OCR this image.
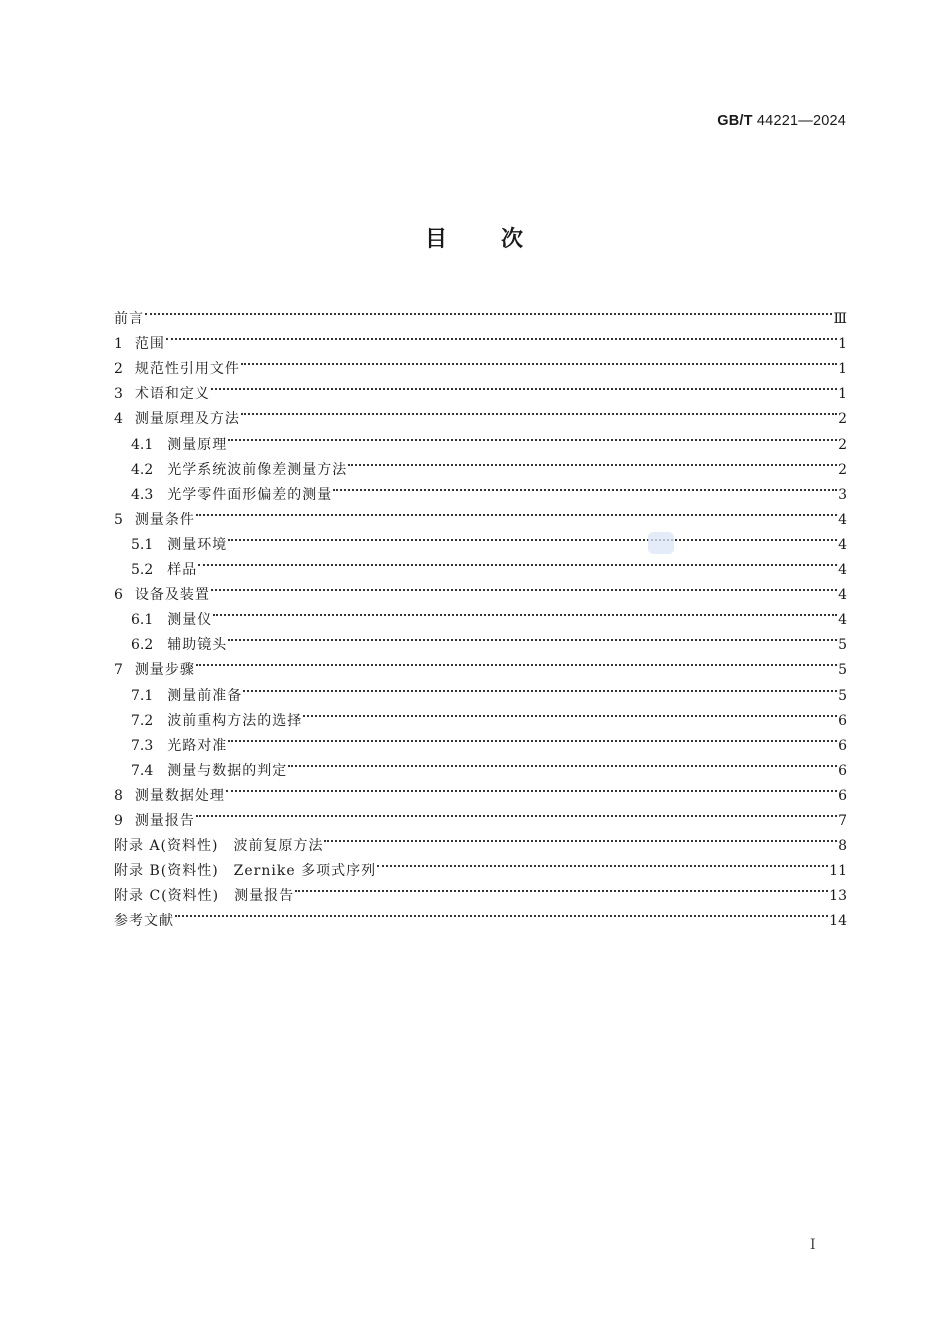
GB/T 44221—2024
目 次
前言	Ⅲ
1 范围	1
2 规范性引用文件	1
3 术语和定义	1
4 测量原理及方法	2
4.1 测量原理	2
4.2 光学系统波前像差测量方法	2
4.3 光学零件面形偏差的测量	3
5 测量条件	4
5.1 测量环境	4
5.2 样品	4
6 设备及装置	4
6.1 测量仪	4
6.2 辅助镜头	5
7 测量步骤	5
7.1 测量前准备	5
7.2 波前重构方法的选择	6
7.3 光路对准	6
7.4 测量与数据的判定	6
8 测量数据处理	6
9 测量报告	7
附录 A(资料性)　波前复原方法	8
附录 B(资料性)　Zernike 多项式序列	11
附录 C(资料性)　测量报告	13
参考文献	14
I
